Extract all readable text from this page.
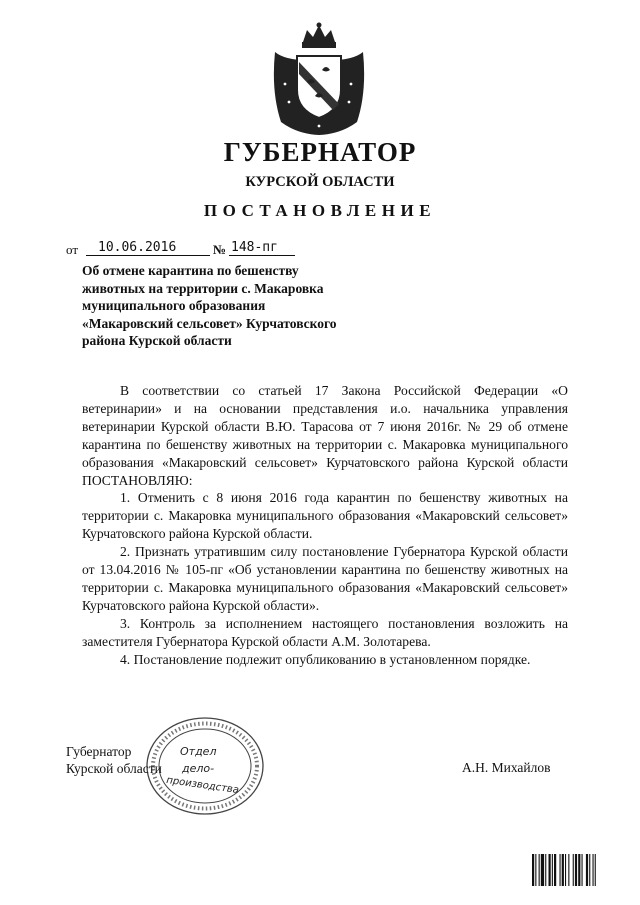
ГУБЕРНАТОР
КУРСКОЙ ОБЛАСТИ
ПОСТАНОВЛЕНИЕ
от	10.06.2016	№ 148-пг
Об отмене карантина по бешенству
животных на территории с. Макаровка
муниципального образования
«Макаровский сельсовет» Курчатовского
района Курской области

В соответствии со статьей 17 Закона Российской Федерации «О ветеринарии» и на основании представления и.о. начальника управления ветеринарии Курской области В.Ю. Тарасова от 7 июня 2016г. № 29 об отмене карантина по бешенству животных на территории с. Макаровка муниципального образования «Макаровский сельсовет» Курчатовского района Курской области ПОСТАНОВЛЯЮ:

1. Отменить с 8 июня 2016 года карантин по бешенству животных на территории с. Макаровка муниципального образования «Макаровский сельсовет» Курчатовского района Курской области.

2. Признать утратившим силу постановление Губернатора Курской области от 13.04.2016 № 105-пг «Об установлении карантина по бешенству животных на территории с. Макаровка муниципального образования «Макаровский сельсовет» Курчатовского района Курской области».

3. Контроль за исполнением настоящего постановления возложить на заместителя Губернатора Курской области А.М. Золотарева.

4. Постановление подлежит опубликованию в установленном порядке.

Отдел
дело-
производства
Губернатор
Курской области	А.Н. Михайлов
